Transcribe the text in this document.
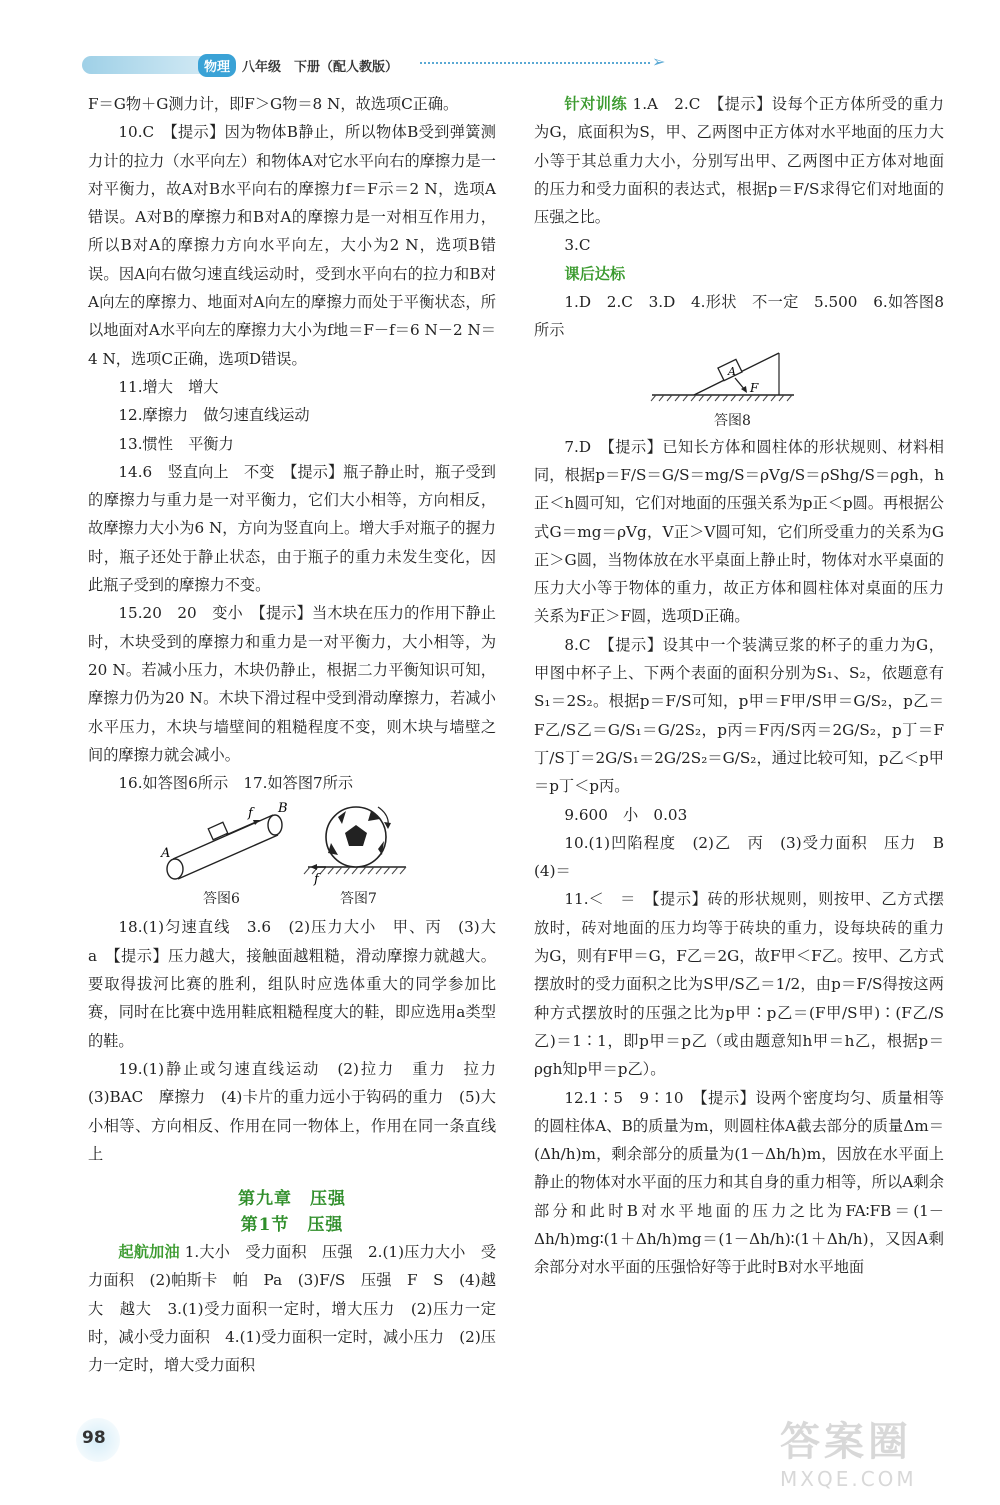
物理 八年级　下册（配人教版）	➢

F＝G物＋G测力计，即F＞G物＝8 N，故选项C正确。

10.C　【提示】因为物体B静止，所以物体B受到弹簧测力计的拉力（水平向左）和物体A对它水平向右的摩擦力是一对平衡力，故A对B水平向右的摩擦力f＝F示＝2 N，选项A错误。A对B的摩擦力和B对A的摩擦力是一对相互作用力，所以B对A的摩擦力方向水平向左，大小为2 N，选项B错误。因A向右做匀速直线运动时，受到水平向右的拉力和B对A向左的摩擦力、地面对A向左的摩擦力而处于平衡状态，所以地面对A水平向左的摩擦力大小为f地＝F－f＝6 N－2 N＝4 N，选项C正确，选项D错误。

11.增大　增大

12.摩擦力　做匀速直线运动

13.惯性　平衡力

14.6　竖直向上　不变　【提示】瓶子静止时，瓶子受到的摩擦力与重力是一对平衡力，它们大小相等，方向相反，故摩擦力大小为6 N，方向为竖直向上。增大手对瓶子的握力时，瓶子还处于静止状态，由于瓶子的重力未发生变化，因此瓶子受到的摩擦力不变。

15.20　20　变小　【提示】当木块在压力的作用下静止时，木块受到的摩擦力和重力是一对平衡力，大小相等，为20 N。若减小压力，木块仍静止，根据二力平衡知识可知，摩擦力仍为20 N。木块下滑过程中受到滑动摩擦力，若减小水平压力，木块与墙壁间的粗糙程度不变，则木块与墙壁之间的摩擦力就会减小。

16.如答图6所示　17.如答图7所示

A
B
f
f
答图6	答图7

18.(1)匀速直线　3.6　(2)压力大小　甲、丙　(3)大　a　【提示】压力越大，接触面越粗糙，滑动摩擦力就越大。要取得拔河比赛的胜利，组队时应选体重大的同学参加比赛，同时在比赛中选用鞋底粗糙程度大的鞋，即应选用a类型的鞋。

19.(1)静止或匀速直线运动　(2)拉力　重力　拉力　(3)BAC　摩擦力　(4)卡片的重力远小于钩码的重力　(5)大小相等、方向相反、作用在同一物体上，作用在同一条直线上

第九章　压强
第1节　压强

起航加油 1.大小　受力面积　压强　2.(1)压力大小　受力面积　(2)帕斯卡　帕　Pa　(3)F/S　压强　F　S　(4)越大　越大　3.(1)受力面积一定时，增大压力　(2)压力一定时，减小受力面积　4.(1)受力面积一定时，减小压力　(2)压力一定时，增大受力面积

针对训练 1.A　2.C　【提示】设每个正方体所受的重力为G，底面积为S，甲、乙两图中正方体对水平地面的压力大小等于其总重力大小，分别写出甲、乙两图中正方体对地面的压力和受力面积的表达式，根据p＝F/S求得它们对地面的压强之比。

3.C

课后达标

1.D　2.C　3.D　4.形状　不一定　5.500　6.如答图8所示

A
F
答图8

7.D　【提示】已知长方体和圆柱体的形状规则、材料相同，根据p＝F/S＝G/S＝mg/S＝ρVg/S＝ρShg/S＝ρgh，h正＜h圆可知，它们对地面的压强关系为p正＜p圆。再根据公式G＝mg＝ρVg，V正＞V圆可知，它们所受重力的关系为G正＞G圆，当物体放在水平桌面上静止时，物体对水平桌面的压力大小等于物体的重力，故正方体和圆柱体对桌面的压力关系为F正＞F圆，选项D正确。

8.C　【提示】设其中一个装满豆浆的杯子的重力为G，甲图中杯子上、下两个表面的面积分别为S₁、S₂，依题意有S₁＝2S₂。根据p＝F/S可知，p甲＝F甲/S甲＝G/S₂，p乙＝F乙/S乙＝G/S₁＝G/2S₂，p丙＝F丙/S丙＝2G/S₂，p丁＝F丁/S丁＝2G/S₁＝2G/2S₂＝G/S₂，通过比较可知，p乙＜p甲＝p丁＜p丙。

9.600　小　0.03

10.(1)凹陷程度　(2)乙　丙　(3)受力面积　压力　B　(4)＝

11.＜　＝　【提示】砖的形状规则，则按甲、乙方式摆放时，砖对地面的压力均等于砖块的重力，设每块砖的重力为G，则有F甲＝G，F乙＝2G，故F甲＜F乙。按甲、乙方式摆放时的受力面积之比为S甲/S乙＝1/2，由p＝F/S得按这两种方式摆放时的压强之比为p甲∶p乙＝(F甲/S甲)∶(F乙/S乙)＝1∶1，即p甲＝p乙（或由题意知h甲＝h乙，根据p＝ρgh知p甲＝p乙）。

12.1∶5　9∶10　【提示】设两个密度均匀、质量相等的圆柱体A、B的质量为m，则圆柱体A截去部分的质量Δm＝(Δh/h)m，剩余部分的质量为(1－Δh/h)m，因放在水平面上静止的物体对水平面的压力和其自身的重力相等，所以A剩余部分和此时B对水平地面的压力之比为FA∶FB＝(1－Δh/h)mg∶(1＋Δh/h)mg＝(1－Δh/h)∶(1＋Δh/h)，又因A剩余部分对水平面的压强恰好等于此时B对水平地面

98	答案圈
MXQE.COM
